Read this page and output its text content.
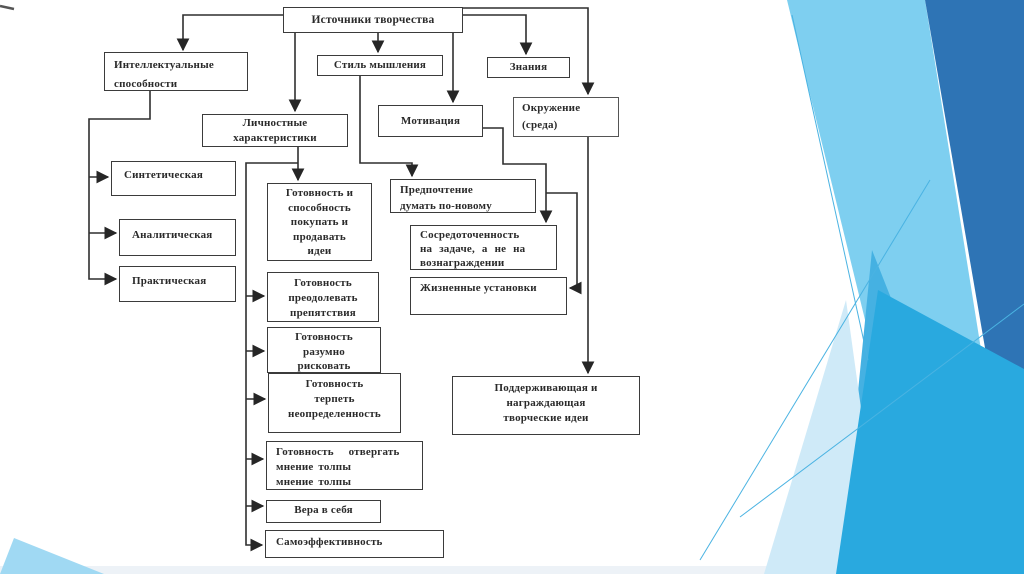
Источники творчества
Интеллектуальные
способности
Стиль мышления	Знания
Мотивация
Окружение
(среда)
Личностные
характеристики
Синтетическая
Аналитическая
Практическая
Готовность и
способность
покупать и
продавать
идеи
Предпочтение
думать по-новому
Сосредоточенность
на задаче, а не на
вознаграждении
Жизненные установки
Готовность
преодолевать
препятствия
Готовность
разумно
рисковать
Готовность
терпеть
неопределенность
Готовность   отвергать
мнение толпы
мнение толпы
Вера в себя
Самоэффективность
Поддерживающая и
награждающая
творческие идеи
